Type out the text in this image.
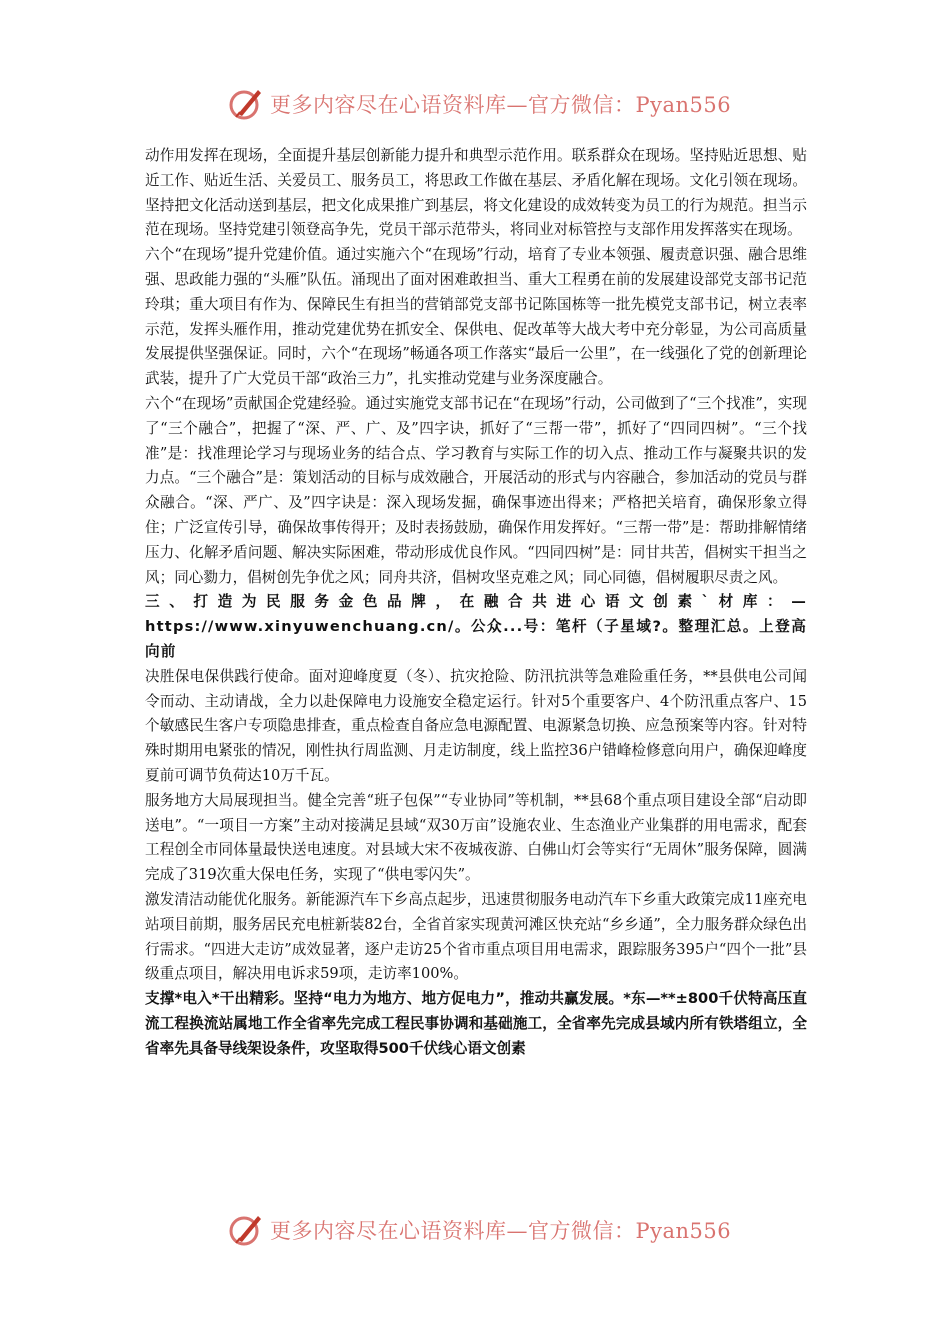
更多内容尽在心语资料库—官方微信：Pyan556

动作用发挥在现场，全面提升基层创新能力提升和典型示范作用。联系群众在现场。坚持贴近思想、贴近工作、贴近生活、关爱员工、服务员工，将思政工作做在基层、矛盾化解在现场。文化引领在现场。坚持把文化活动送到基层，把文化成果推广到基层，将文化建设的成效转变为员工的行为规范。担当示范在现场。坚持党建引领登高争先，党员干部示范带头，将同业对标管控与支部作用发挥落实在现场。

六个“在现场”提升党建价值。通过实施六个“在现场”行动，培育了专业本领强、履责意识强、融合思维强、思政能力强的“头雁”队伍。涌现出了面对困难敢担当、重大工程勇在前的发展建设部党支部书记范玲琪；重大项目有作为、保障民生有担当的营销部党支部书记陈国栋等一批先模党支部书记，树立表率示范，发挥头雁作用，推动党建优势在抓安全、保供电、促改革等大战大考中充分彰显，为公司高质量发展提供坚强保证。同时，六个“在现场”畅通各项工作落实“最后一公里”，在一线强化了党的创新理论武装，提升了广大党员干部“政治三力”，扎实推动党建与业务深度融合。

六个“在现场”贡献国企党建经验。通过实施党支部书记在“在现场”行动，公司做到了“三个找准”，实现了“三个融合”，把握了“深、严、广、及”四字诀，抓好了“三帮一带”，抓好了“四同四树”。“三个找准”是：找准理论学习与现场业务的结合点、学习教育与实际工作的切入点、推动工作与凝聚共识的发力点。“三个融合”是：策划活动的目标与成效融合，开展活动的形式与内容融合，参加活动的党员与群众融合。“深、严广、及”四字诀是：深入现场发掘，确保事迹出得来；严格把关培育，确保形象立得住；广泛宣传引导，确保故事传得开；及时表扬鼓励，确保作用发挥好。“三帮一带”是：帮助排解情绪压力、化解矛盾问题、解决实际困难，带动形成优良作风。“四同四树”是：同甘共苦，倡树实干担当之风；同心勠力，倡树创先争优之风；同舟共济，倡树攻坚克难之风；同心同德，倡树履职尽责之风。

三、打造为民服务金色品牌，在融合共进心语文创素`材库：—https://www.xinyuwenchuang.cn/。公众...号：笔杆（子星域?。整理汇总。上登高向前

决胜保电保供践行使命。面对迎峰度夏（冬）、抗灾抢险、防汛抗洪等急难险重任务，**县供电公司闻令而动、主动请战，全力以赴保障电力设施安全稳定运行。针对5个重要客户、4个防汛重点客户、15个敏感民生客户专项隐患排查，重点检查自备应急电源配置、电源紧急切换、应急预案等内容。针对特殊时期用电紧张的情况，刚性执行周监测、月走访制度，线上监控36户错峰检修意向用户，确保迎峰度夏前可调节负荷达10万千瓦。

服务地方大局展现担当。健全完善“班子包保”“专业协同”等机制，**县68个重点项目建设全部“启动即送电”。“一项目一方案”主动对接满足县域“双30万亩”设施农业、生态渔业产业集群的用电需求，配套工程创全市同体量最快送电速度。对县域大宋不夜城夜游、白佛山灯会等实行“无周休”服务保障，圆满完成了319次重大保电任务，实现了“供电零闪失”。

激发清洁动能优化服务。新能源汽车下乡高点起步，迅速贯彻服务电动汽车下乡重大政策完成11座充电站项目前期，服务居民充电桩新装82台，全省首家实现黄河滩区快充站“乡乡通”，全力服务群众绿色出行需求。“四进大走访”成效显著，逐户走访25个省市重点项目用电需求，跟踪服务395户“四个一批”县级重点项目，解决用电诉求59项，走访率100%。

支撑*电入*干出精彩。坚持“电力为地方、地方促电力”，推动共赢发展。*东—**±800千伏特高压直流工程换流站属地工作全省率先完成工程民事协调和基础施工，全省率先完成县域内所有铁塔组立，全省率先具备导线架设条件，攻坚取得500千伏线心语文创素

更多内容尽在心语资料库—官方微信：Pyan556
